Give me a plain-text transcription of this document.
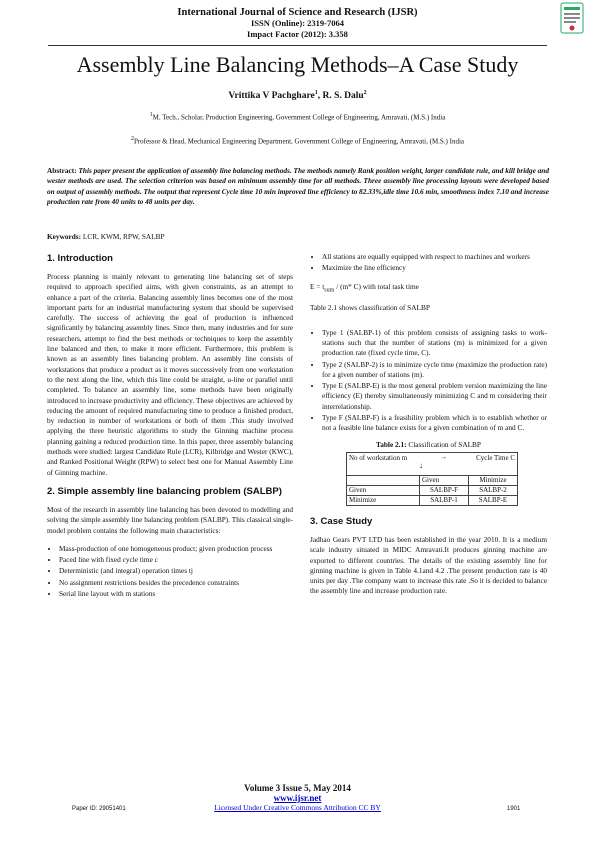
International Journal of Science and Research (IJSR)
ISSN (Online): 2319-7064
Impact Factor (2012): 3.358
Assembly Line Balancing Methods–A Case Study
Vrittika V Pachghare$^1$, R. S. Dalu$^2$
$^1$M. Tech., Scholar, Production Engineering, Government College of Engineering, Amravati, (M.S.) India
$^2$Professor & Head, Mechanical Engineering Department, Government College of Engineering, Amravati, (M.S.) India
Abstract: This paper present the application of assembly line balancing methods. The methods namely Rank position weight, larger candidate rule, and kill bridge and wester methods are used. The selection criterion was based on minimum assembly time for all methods. Three assembly line processing layouts were developed based on output of assembly methods. The output that represent Cycle time 10 min improved line efficiency to 82.33%,idle time 10.6 min, smoothness index 7.10 and increase production rate from 40 units to 48 units per day.
Keywords: LCR, KWM, RPW, SALBP
1. Introduction

Process planning is mainly relevant to generating line balancing set of steps required to approach specified aims, with given constraints, as an attempt to enhance a part of the criteria. Balancing assembly lines becomes one of the most important parts for an industrial manufacturing system that should be supervised carefully. The success of achieving the goal of production is influenced significantly by balancing assembly lines. Since then, many industries and for sure researchers, attempt to find the best methods or techniques to keep the assembly line balanced and then, to make it more efficient. Furthermore, this problem is known as an assembly lines balancing problem. An assembly line consists of workstations that produce a product as it moves successively from one workstation to the next along the line, which this line could be straight, u-line or parallel until completed. To balance an assembly line, some methods have been originally introduced to increase productivity and efficiency. These objectives are achieved by reducing the amount of required manufacturing time to produce a finished product, by reduction in number of workstations or both of them .This study involved applying the three heuristic algorithms to study the Ginning machine process planning gaining a reduced production time. In this paper, three assembly balancing methods were studied: largest Candidate Rule (LCR), Kilbridge and Wester (KWC), and Ranked Positional Weight (RPW) to select best one for Manual Assembly Line of Ginning machine.

2. Simple assembly line balancing problem (SALBP)

Most of the research in assembly line balancing has been devoted to modelling and solving the simple assembly line balancing problem (SALBP). This classical single-model problem contains the following main characteristics:

• Mass-production of one homogeneous product; given production process
• Paced line with fixed cycle time c
• Deterministic (and integral) operation times tj
• No assignment restrictions besides the precedence constraints
• Serial line layout with m stations
• All stations are equally equipped with respect to machines and workers
• Maximize the line efficiency

$E = t_{sum} / (m*$ C) with total task time

Table 2.1 shows classification of SALBP

• Type 1 (SALBP-1) of this problem consists of assigning tasks to work-stations such that the number of stations (m) is minimized for a given production rate (fixed cycle time, C).
• Type 2 (SALBP-2) is to minimize cycle time (maximize the production rate) for a given number of stations (m).
• Type E (SALBP-E) is the most general problem version maximizing the line efficiency (E) thereby simultaneously minimizing C and m considering their interrelationship.
• Type F (SALBP-F) is a feasibility problem which is to establish whether or not a feasible line balance exists for a given combination of m and C.
Table 2.1: Classification of SALBP
No of workstation m Cycle Time C
↓
→		

	Given	Minimize
Given	SALBP-F	SALBP-2
Minimize	SALBP-1	SALBP-E
3. Case Study

Jadhao Gears PVT LTD has been established in the year 2010. It is a medium scale industry situated in MIDC Amravati.It produces ginning machine are exported to different countries. The details of the existing assembly line for ginning machine is given in Table 4.1and 4.2 .The present production rate is 40 units per day .The company want to increase this rate .So it is decided to balance the assembly line and increase production rate.

Volume 3 Issue 5, May 2014
www.ijsr.net
Licensed Under Creative Commons Attribution CC BY
Paper ID: 29051401	1901
